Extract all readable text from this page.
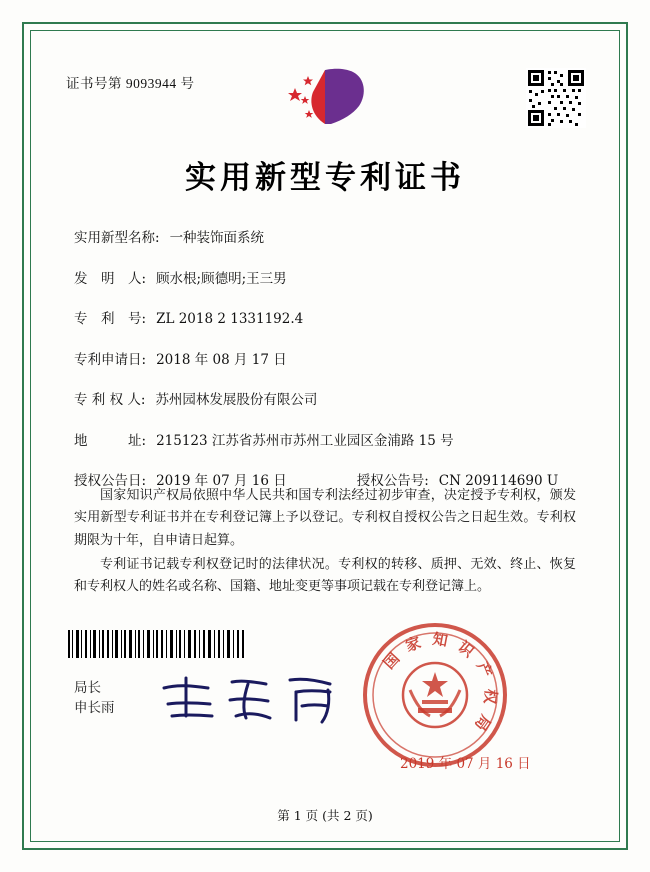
证书号第 9093944 号
实用新型专利证书
实用新型名称: 一种装饰面系统
发　明　人: 顾水根;顾德明;王三男
专　利　号: ZL 2018 2 1331192.4
专利申请日: 2018 年 08 月 17 日
专 利 权 人: 苏州园林发展股份有限公司
地　　　址: 215123 江苏省苏州市苏州工业园区金浦路 15 号
授权公告日: 2019 年 07 月 16 日	授权公告号: CN 209114690 U

国家知识产权局依照中华人民共和国专利法经过初步审查，决定授予专利权，颁发实用新型专利证书并在专利登记簿上予以登记。专利权自授权公告之日起生效。专利权期限为十年，自申请日起算。

专利证书记载专利权登记时的法律状况。专利权的转移、质押、无效、终止、恢复和专利权人的姓名或名称、国籍、地址变更等事项记载在专利登记簿上。

局长
申长雨
国家知识产权局
2019 年 07 月 16 日
第 1 页 (共 2 页)
